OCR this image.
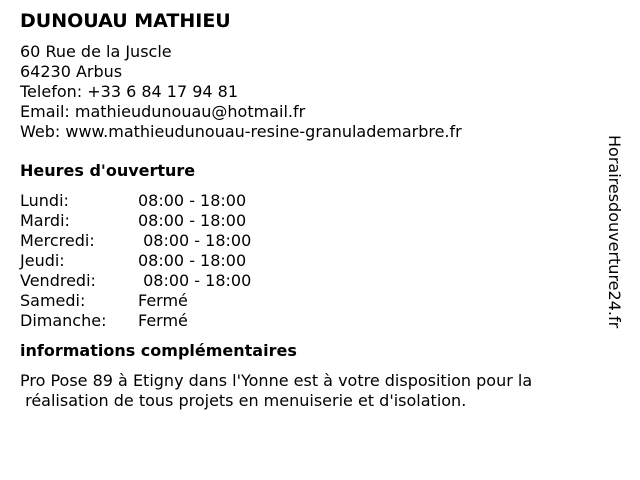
DUNOUAU MATHIEU
60 Rue de la Juscle
64230 Arbus
Telefon: +33 6 84 17 94 81
Email: mathieudunouau@hotmail.fr
Web: www.mathieudunouau-resine-granulademarbre.fr
Heures d'ouverture
Lundi:	08:00 - 18:00
Mardi:	08:00 - 18:00
Mercredi:	08:00 - 18:00
Jeudi:	08:00 - 18:00
Vendredi:	08:00 - 18:00
Samedi:	Fermé
Dimanche:	Fermé
informations complémentaires

Pro Pose 89 à Etigny dans l'Yonne est à votre disposition pour la
réalisation de tous projets en menuiserie et d'isolation.

Horairesdouverture24.fr
